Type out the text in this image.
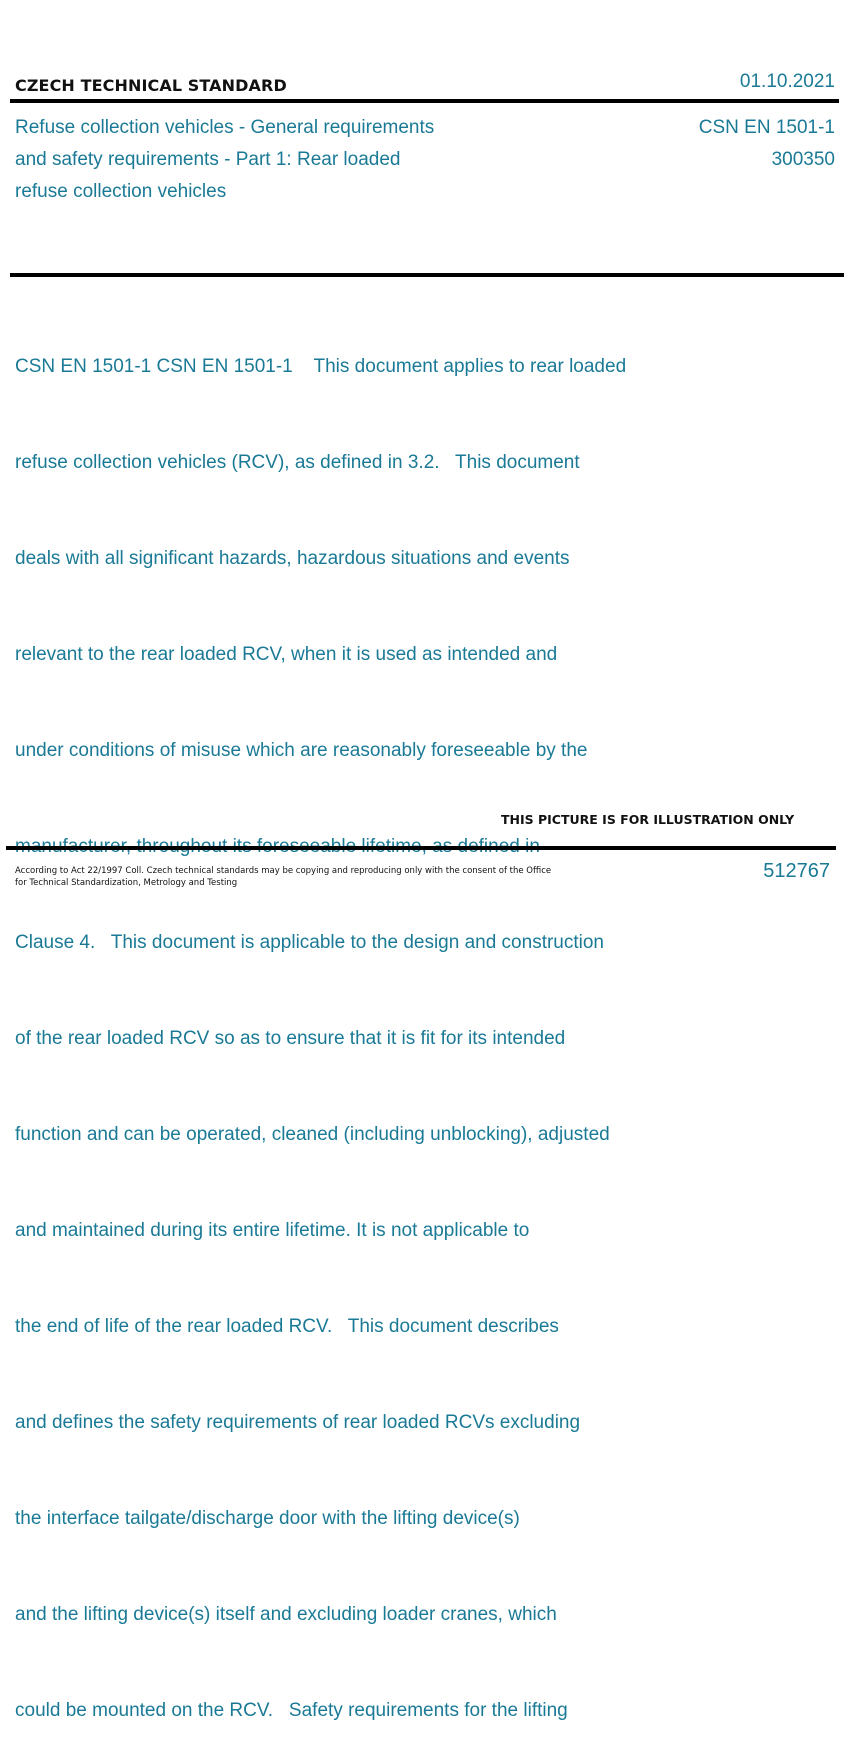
CZECH TECHNICAL STANDARD	01.10.2021
Refuse collection vehicles - General requirements
and safety requirements - Part 1: Rear loaded
refuse collection vehicles
CSN EN 1501-1
300350

CSN EN 1501-1 CSN EN 1501-1    This document applies to rear loaded

refuse collection vehicles (RCV), as defined in 3.2.   This document

deals with all significant hazards, hazardous situations and events

relevant to the rear loaded RCV, when it is used as intended and

under conditions of misuse which are reasonably foreseeable by the

Clause 4.   This document is applicable to the design and construction

of the rear loaded RCV so as to ensure that it is fit for its intended

function and can be operated, cleaned (including unblocking), adjusted

and maintained during its entire lifetime. It is not applicable to

the end of life of the rear loaded RCV.   This document describes

and defines the safety requirements of rear loaded RCVs excluding

the interface tailgate/discharge door with the lifting device(s)

and the lifting device(s) itself and excluding loader cranes, which

could be mounted on the RCV.   Safety requirements for the lifting

THIS PICTURE IS FOR ILLUSTRATION ONLY
According to Act 22/1997 Coll. Czech technical standards may be copying and reproducing only with the consent of the Office
for Technical Standardization, Metrology and Testing
512767
